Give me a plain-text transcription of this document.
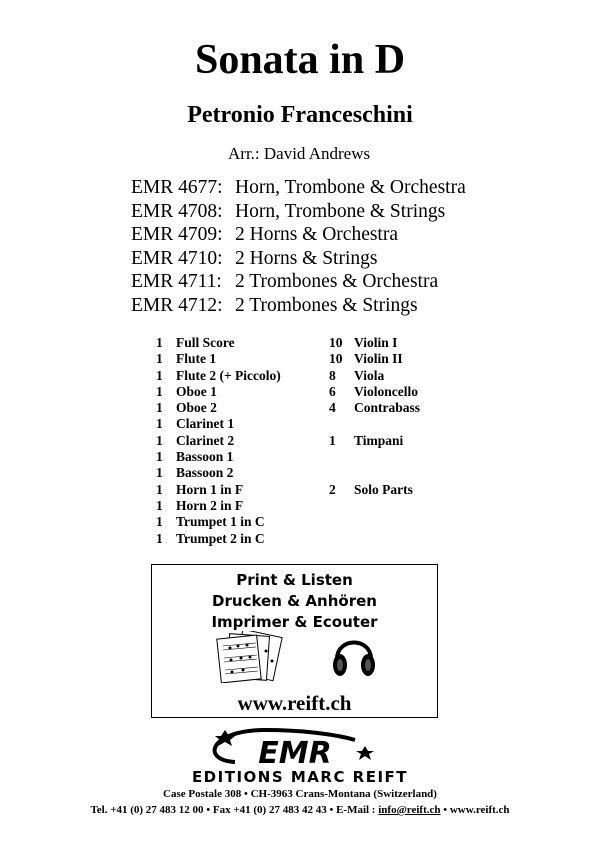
Sonata in D
Petronio Franceschini
Arr.: David Andrews
EMR 4677: Horn, Trombone & Orchestra
EMR 4708: Horn, Trombone & Strings
EMR 4709: 2 Horns & Orchestra
EMR 4710: 2 Horns & Strings
EMR 4711: 2 Trombones & Orchestra
EMR 4712: 2 Trombones & Strings
1 Full Score
1 Flute 1
1 Flute 2 (+ Piccolo)
1 Oboe 1
1 Oboe 2
1 Clarinet 1
1 Clarinet 2
1 Bassoon 1
1 Bassoon 2
1 Horn 1 in F
1 Horn 2 in F
1 Trumpet 1 in C
1 Trumpet 2 in C
10 Violin I
10 Violin II
8 Viola
6 Violoncello
4 Contrabass
1 Timpani
2 Solo Parts
Print & Listen
Drucken & Anhören
Imprimer & Ecouter
www.reift.ch
EMR
EDITIONS MARC REIFT
Case Postale 308 • CH-3963 Crans-Montana (Switzerland)
Tel. +41 (0) 27 483 12 00 • Fax +41 (0) 27 483 42 43 • E-Mail : info@reift.ch • www.reift.ch
